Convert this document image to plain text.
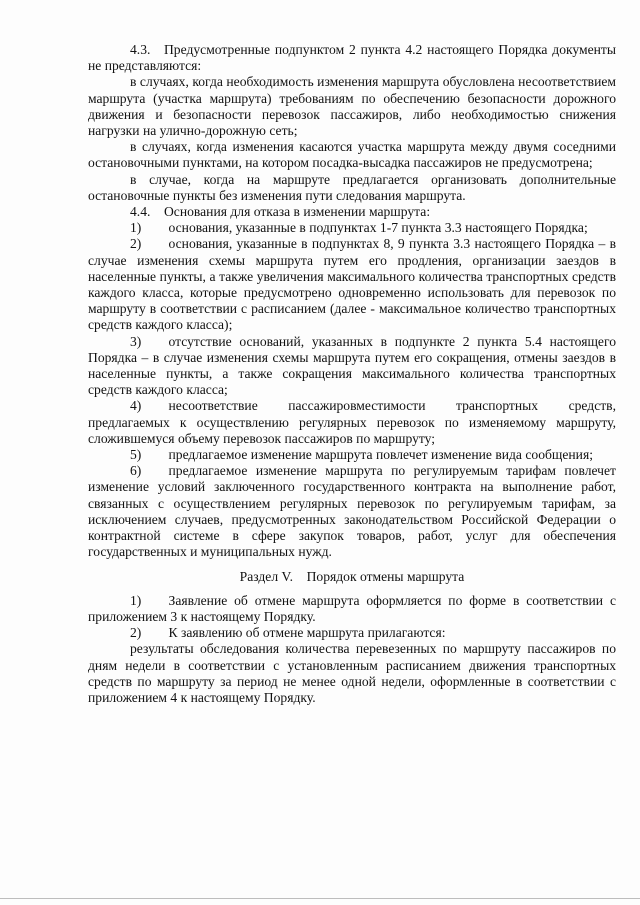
4.3. Предусмотренные подпунктом 2 пункта 4.2 настоящего Порядка документы не представляются:

в случаях, когда необходимость изменения маршрута обусловлена несоответствием маршрута (участка маршрута) требованиям по обеспечению безопасности дорожного движения и безопасности перевозок пассажиров, либо необходимостью снижения нагрузки на улично-дорожную сеть;

в случаях, когда изменения касаются участка маршрута между двумя соседними остановочными пунктами, на котором посадка-высадка пассажиров не предусмотрена;

в случае, когда на маршруте предлагается организовать дополнительные остановочные пункты без изменения пути следования маршрута.

4.4. Основания для отказа в изменении маршрута:

1)  основания, указанные в подпунктах 1-7 пункта 3.3 настоящего Порядка;

2)  основания, указанные в подпунктах 8, 9 пункта 3.3 настоящего Порядка – в случае изменения схемы маршрута путем его продления, организации заездов в населенные пункты, а также увеличения максимального количества транспортных средств каждого класса, которые предусмотрено одновременно использовать для перевозок по маршруту в соответствии с расписанием (далее - максимальное количество транспортных средств каждого класса);

3)  отсутствие оснований, указанных в подпункте 2 пункта 5.4 настоящего Порядка – в случае изменения схемы маршрута путем его сокращения, отмены заездов в населенные пункты, а также сокращения максимального количества транспортных средств каждого класса;

4)  несоответствие пассажировместимости транспортных средств, предлагаемых к осуществлению регулярных перевозок по изменяемому маршруту, сложившемуся объему перевозок пассажиров по маршруту;

5)  предлагаемое изменение маршрута повлечет изменение вида сообщения;

6)  предлагаемое изменение маршрута по регулируемым тарифам повлечет изменение условий заключенного государственного контракта на выполнение работ, связанных с осуществлением регулярных перевозок по регулируемым тарифам, за исключением случаев, предусмотренных законодательством Российской Федерации о контрактной системе в сфере закупок товаров, работ, услуг для обеспечения государственных и муниципальных нужд.

Раздел V. Порядок отмены маршрута

1)  Заявление об отмене маршрута оформляется по форме в соответствии с приложением 3 к настоящему Порядку.

2)  К заявлению об отмене маршрута прилагаются:

результаты обследования количества перевезенных по маршруту пассажиров по дням недели в соответствии с установленным расписанием движения транспортных средств по маршруту за период не менее одной недели, оформленные в соответствии с приложением 4 к настоящему Порядку.
